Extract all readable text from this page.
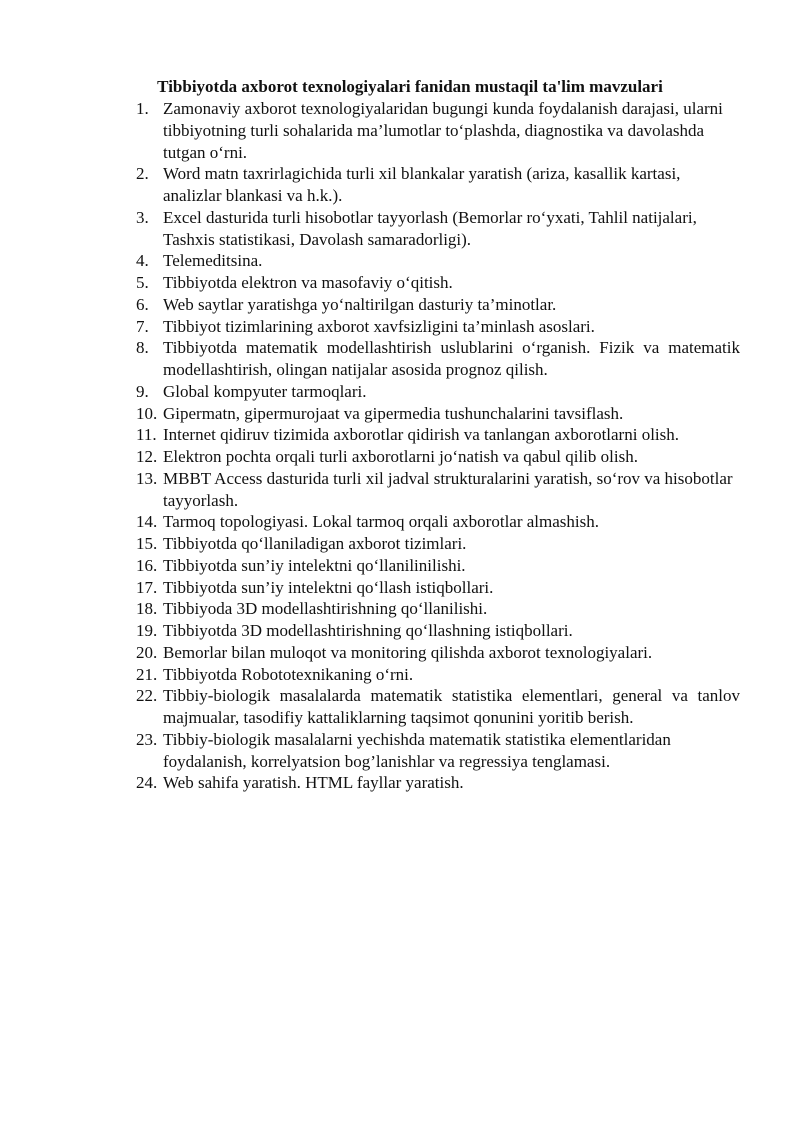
Tibbiyotda axborot texnologiyalari fanidan mustaqil ta'lim mavzulari
1. Zamonaviy axborot texnologiyalaridan bugungi kunda foydalanish darajasi, ularni tibbiyotning turli sohalarida ma’lumotlar to‘plashda, diagnostika va davolashda tutgan o‘rni.
2. Word matn taxrirlagichida turli xil blankalar yaratish (ariza, kasallik kartasi, analizlar blankasi va h.k.).
3. Excel dasturida turli hisobotlar tayyorlash (Bemorlar ro‘yxati, Tahlil natijalari, Tashxis statistikasi, Davolash samaradorligi).
4. Telemeditsina.
5. Tibbiyotda elektron va masofaviy o‘qitish.
6. Web saytlar yaratishga yo‘naltirilgan dasturiy ta’minotlar.
7. Tibbiyot tizimlarining axborot xavfsizligini ta’minlash asoslari.
8. Tibbiyotda matematik modellashtirish uslublarini o‘rganish. Fizik va matematik modellashtirish, olingan natijalar asosida prognoz qilish.
9. Global kompyuter tarmoqlari.
10. Gipermatn, gipermurojaat va gipermedia tushunchalarini tavsiflash.
11. Internet qidiruv tizimida axborotlar qidirish va tanlangan axborotlarni olish.
12. Elektron pochta orqali turli axborotlarni jo‘natish va qabul qilib olish.
13. MBBT Access dasturida turli xil jadval strukturalarini yaratish, so‘rov va hisobotlar tayyorlash.
14. Tarmoq topologiyasi. Lokal tarmoq orqali axborotlar almashish.
15. Tibbiyotda qo‘llaniladigan axborot tizimlari.
16. Tibbiyotda sun’iy intelektni qo‘llanilinilishi.
17. Tibbiyotda sun’iy intelektni qo‘llash istiqbollari.
18. Tibbiyoda 3D modellashtirishning qo‘llanilishi.
19. Tibbiyotda 3D modellashtirishning qo‘llashning istiqbollari.
20. Bemorlar bilan muloqot va monitoring qilishda axborot texnologiyalari.
21. Tibbiyotda Robototexnikaning o‘rni.
22. Tibbiy-biologik masalalarda matematik statistika elementlari, general va tanlov majmualar, tasodifiy kattaliklarning taqsimot qonunini yoritib berish.
23. Tibbiy-biologik masalalarni yechishda matematik statistika elementlaridan foydalanish, korrelyatsion bog’lanishlar va regressiya tenglamasi.
24. Web sahifa yaratish. HTML fayllar yaratish.
